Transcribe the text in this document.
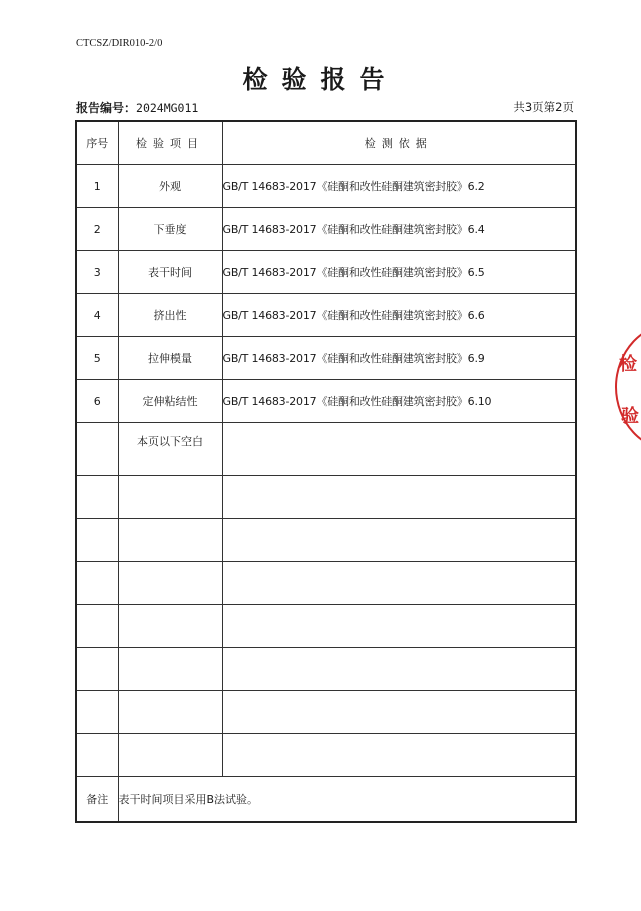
CTCSZ/DIR010-2/0
检验报告
报告编号：2024MG011	共3页第2页
序号	检验项目	检测依据
1	外观	GB/T 14683-2017《硅酮和改性硅酮建筑密封胶》6.2
2	下垂度	GB/T 14683-2017《硅酮和改性硅酮建筑密封胶》6.4
3	表干时间	GB/T 14683-2017《硅酮和改性硅酮建筑密封胶》6.5
4	挤出性	GB/T 14683-2017《硅酮和改性硅酮建筑密封胶》6.6
5	拉伸模量	GB/T 14683-2017《硅酮和改性硅酮建筑密封胶》6.9
6	定伸粘结性	GB/T 14683-2017《硅酮和改性硅酮建筑密封胶》6.10
	本页以下空白	

备注	表干时间项目采用B法试验。	
检
验
